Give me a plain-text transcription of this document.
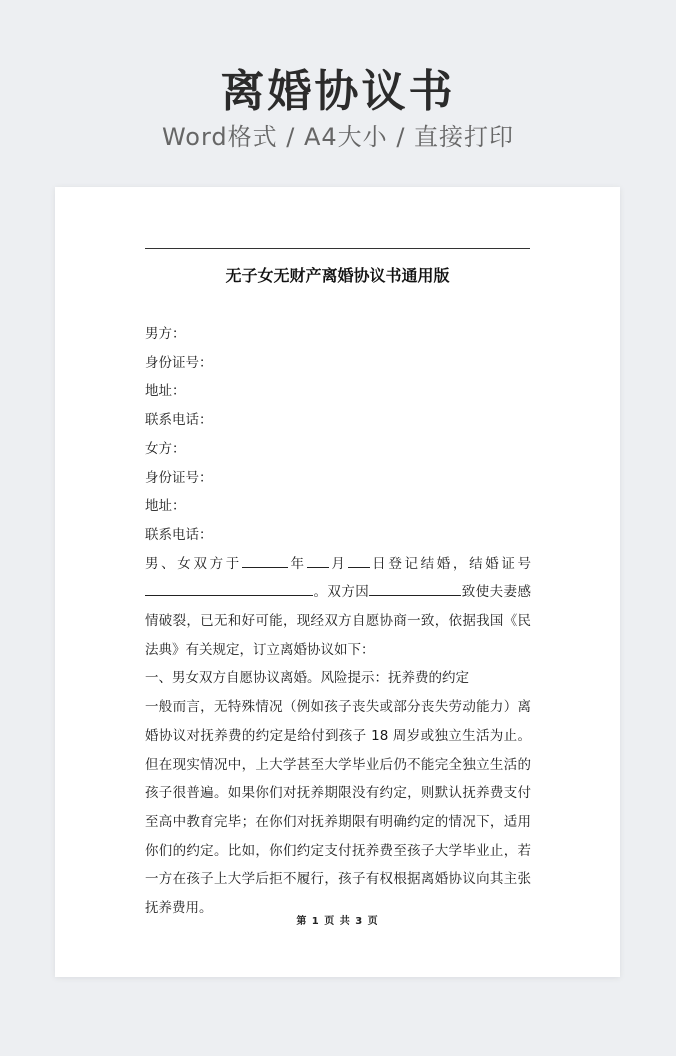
离婚协议书
Word格式 / A4大小 / 直接打印
无子女无财产离婚协议书通用版

男方：

身份证号：

地址：

联系电话：

女方：

身份证号：

地址：

联系电话：

男、女双方于	年 月 日登记结婚，结婚证号。双方因	致使夫妻感情破裂，已无和好可能，现经双方自愿协商一致，依据我国《民法典》有关规定，订立离婚协议如下：

一、男女双方自愿协议离婚。风险提示：抚养费的约定

一般而言，无特殊情况（例如孩子丧失或部分丧失劳动能力）离婚协议对抚养费的约定是给付到孩子 18 周岁或独立生活为止。但在现实情况中，上大学甚至大学毕业后仍不能完全独立生活的孩子很普遍。如果你们对抚养期限没有约定，则默认抚养费支付至高中教育完毕；在你们对抚养期限有明确约定的情况下，适用你们的约定。比如，你们约定支付抚养费至孩子大学毕业止，若一方在孩子上大学后拒不履行，孩子有权根据离婚协议向其主张抚养费用。

第 1 页 共 3 页
